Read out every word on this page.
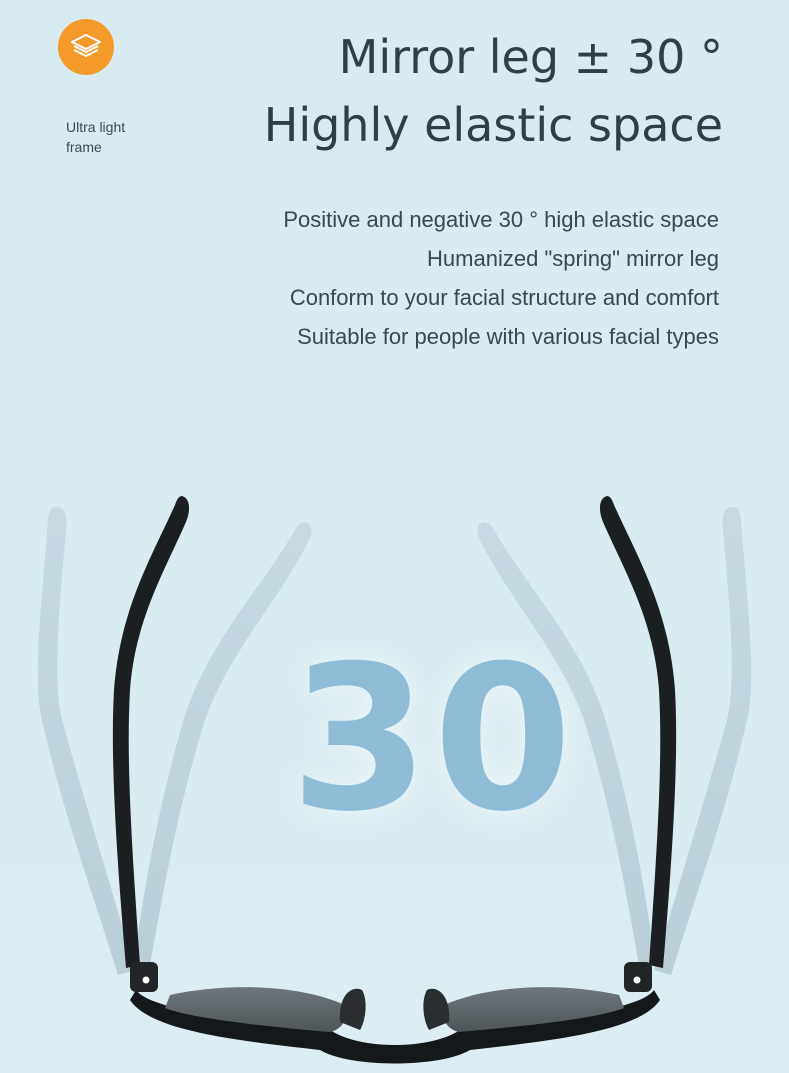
Ultra light frame
Mirror leg ± 30 °
Highly elastic space
Positive and negative 30 ° high elastic space
Humanized "spring" mirror leg
Conform to your facial structure and comfort
Suitable for people with various facial types
30
